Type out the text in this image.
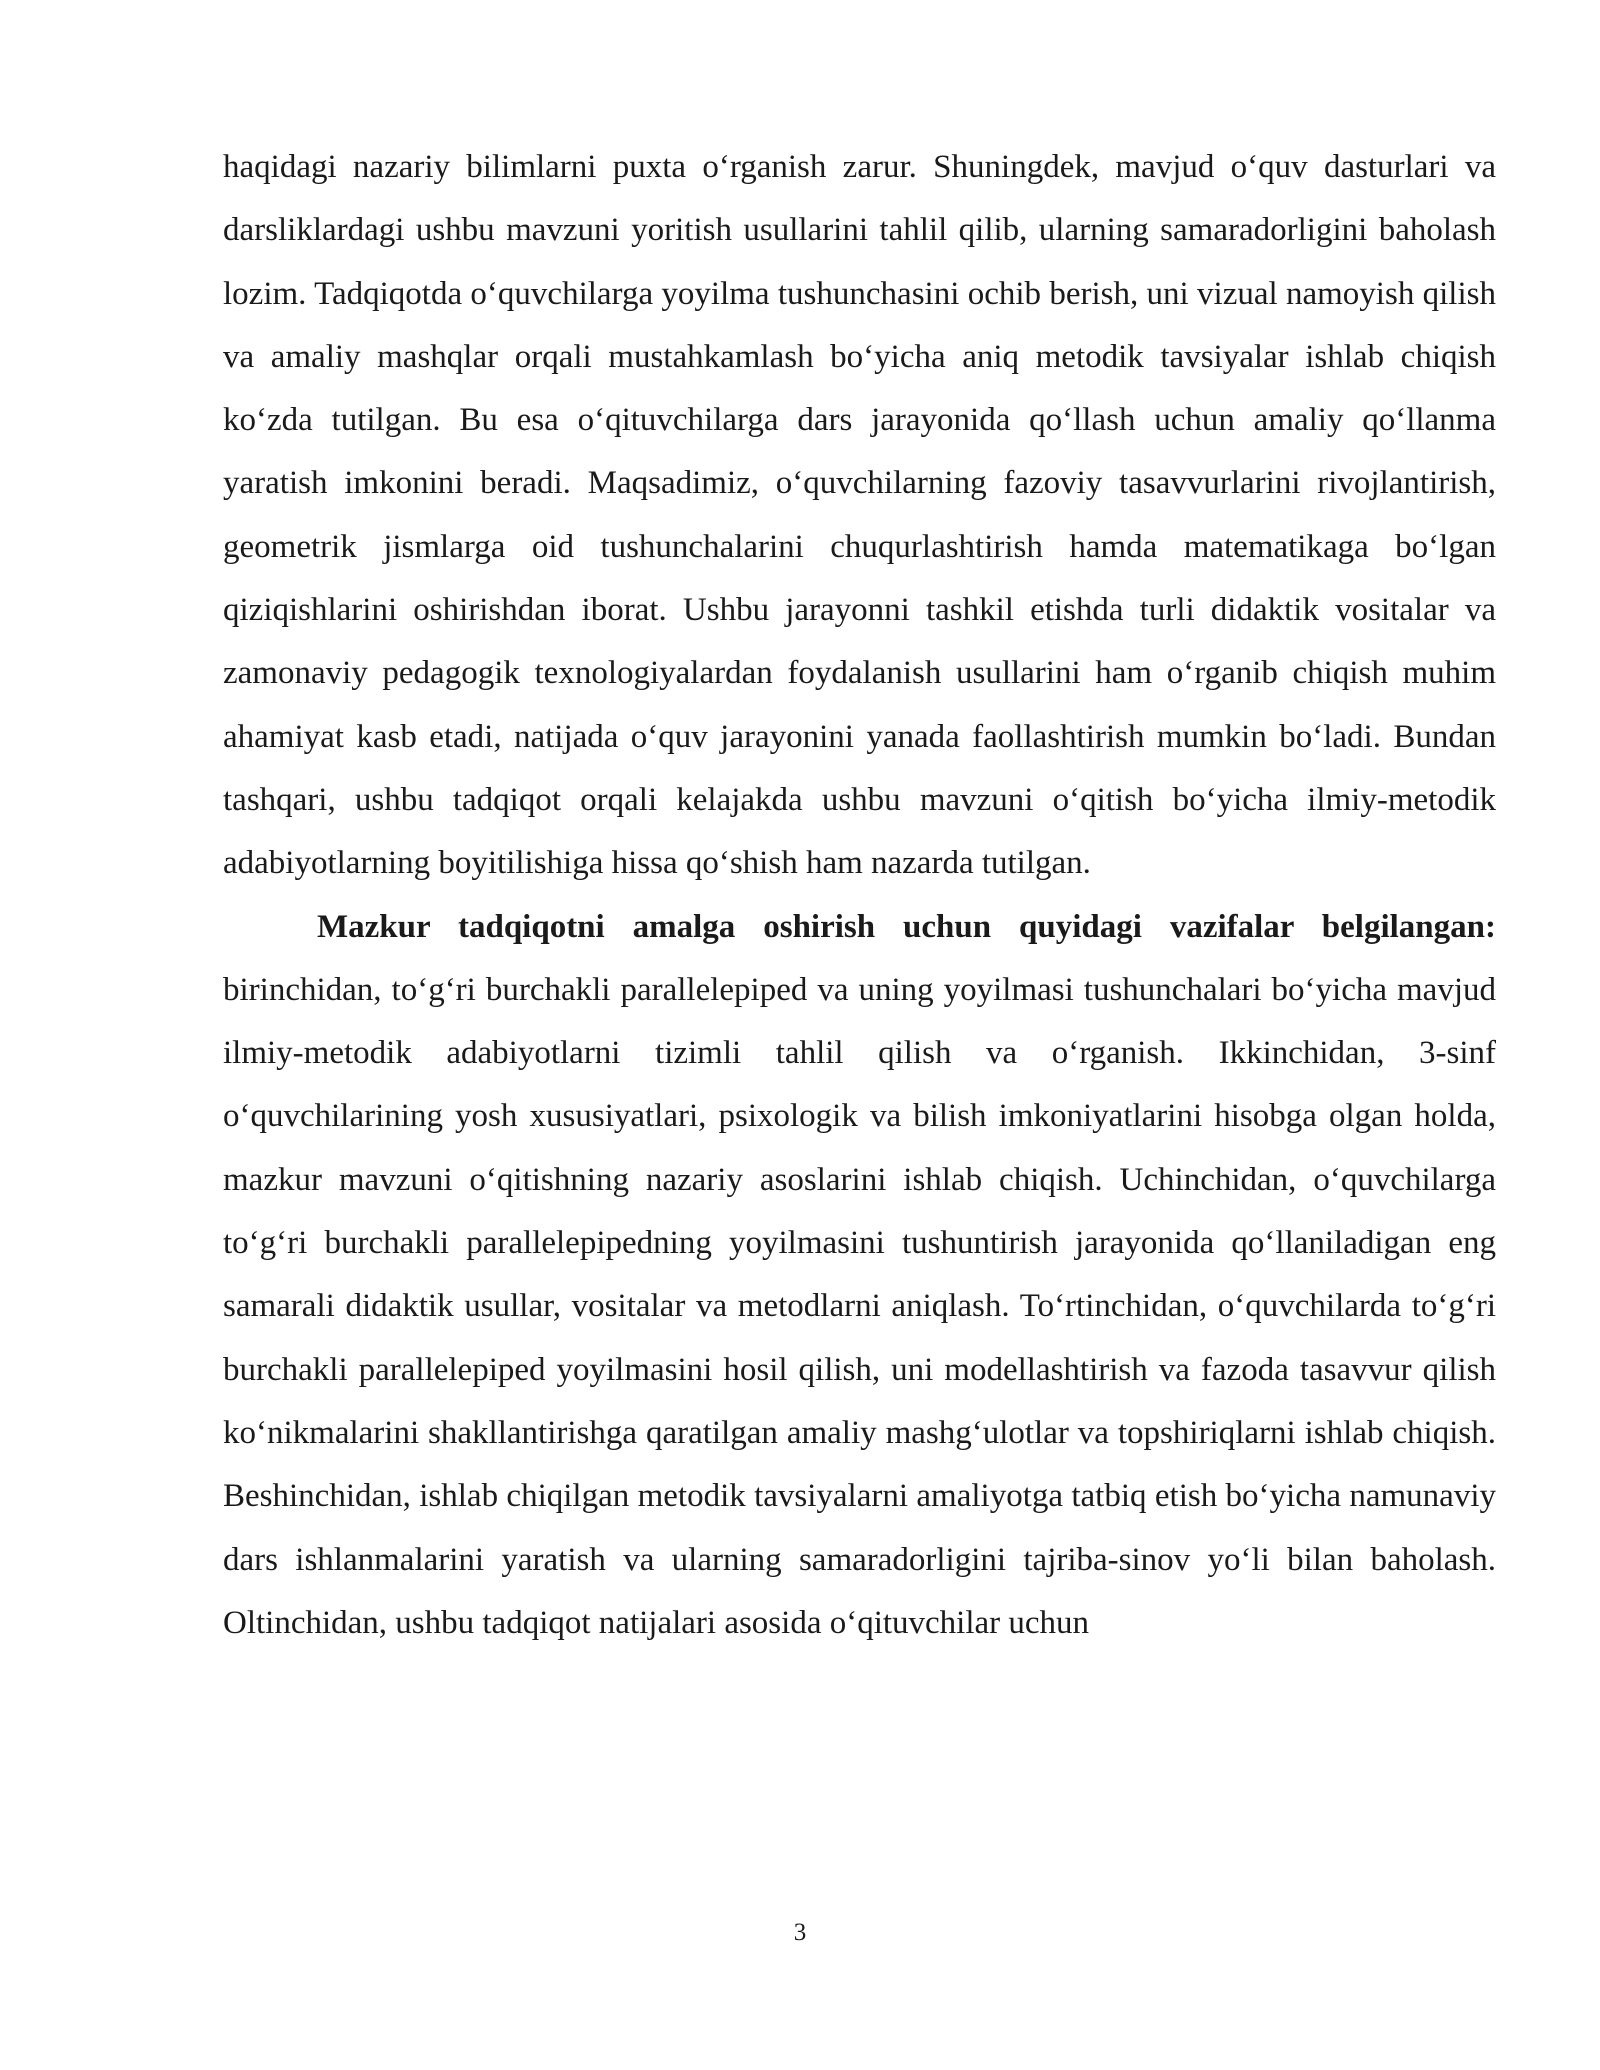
haqidagi nazariy bilimlarni puxta oʻrganish zarur. Shuningdek, mavjud oʻquv dasturlari va darsliklardagi ushbu mavzuni yoritish usullarini tahlil qilib, ularning samaradorligini baholash lozim. Tadqiqotda oʻquvchilarga yoyilma tushunchasini ochib berish, uni vizual namoyish qilish va amaliy mashqlar orqali mustahkamlash boʻyicha aniq metodik tavsiyalar ishlab chiqish koʻzda tutilgan. Bu esa oʻqituvchilarga dars jarayonida qoʻllash uchun amaliy qoʻllanma yaratish imkonini beradi. Maqsadimiz, oʻquvchilarning fazoviy tasavvurlarini rivojlantirish, geometrik jismlarga oid tushunchalarini chuqurlashtirish hamda matematikaga boʻlgan qiziqishlarini oshirishdan iborat. Ushbu jarayonni tashkil etishda turli didaktik vositalar va zamonaviy pedagogik texnologiyalardan foydalanish usullarini ham oʻrganib chiqish muhim ahamiyat kasb etadi, natijada oʻquv jarayonini yanada faollashtirish mumkin boʻladi. Bundan tashqari, ushbu tadqiqot orqali kelajakda ushbu mavzuni oʻqitish boʻyicha ilmiy-metodik adabiyotlarning boyitilishiga hissa qoʻshish ham nazarda tutilgan.

Mazkur tadqiqotni amalga oshirish uchun quyidagi vazifalar belgilangan: birinchidan, toʻgʻri burchakli parallelepiped va uning yoyilmasi tushunchalari boʻyicha mavjud ilmiy-metodik adabiyotlarni tizimli tahlil qilish va oʻrganish. Ikkinchidan, 3-sinf oʻquvchilarining yosh xususiyatlari, psixologik va bilish imkoniyatlarini hisobga olgan holda, mazkur mavzuni oʻqitishning nazariy asoslarini ishlab chiqish. Uchinchidan, oʻquvchilarga toʻgʻri burchakli parallelepipedning yoyilmasini tushuntirish jarayonida qoʻllaniladigan eng samarali didaktik usullar, vositalar va metodlarni aniqlash. Toʻrtinchidan, oʻquvchilarda toʻgʻri burchakli parallelepiped yoyilmasini hosil qilish, uni modellashtirish va fazoda tasavvur qilish koʻnikmalarini shakllantirishga qaratilgan amaliy mashgʻulotlar va topshiriqlarni ishlab chiqish. Beshinchidan, ishlab chiqilgan metodik tavsiyalarni amaliyotga tatbiq etish boʻyicha namunaviy dars ishlanmalarini yaratish va ularning samaradorligini tajriba-sinov yoʻli bilan baholash. Oltinchidan, ushbu tadqiqot natijalari asosida oʻqituvchilar uchun

3
